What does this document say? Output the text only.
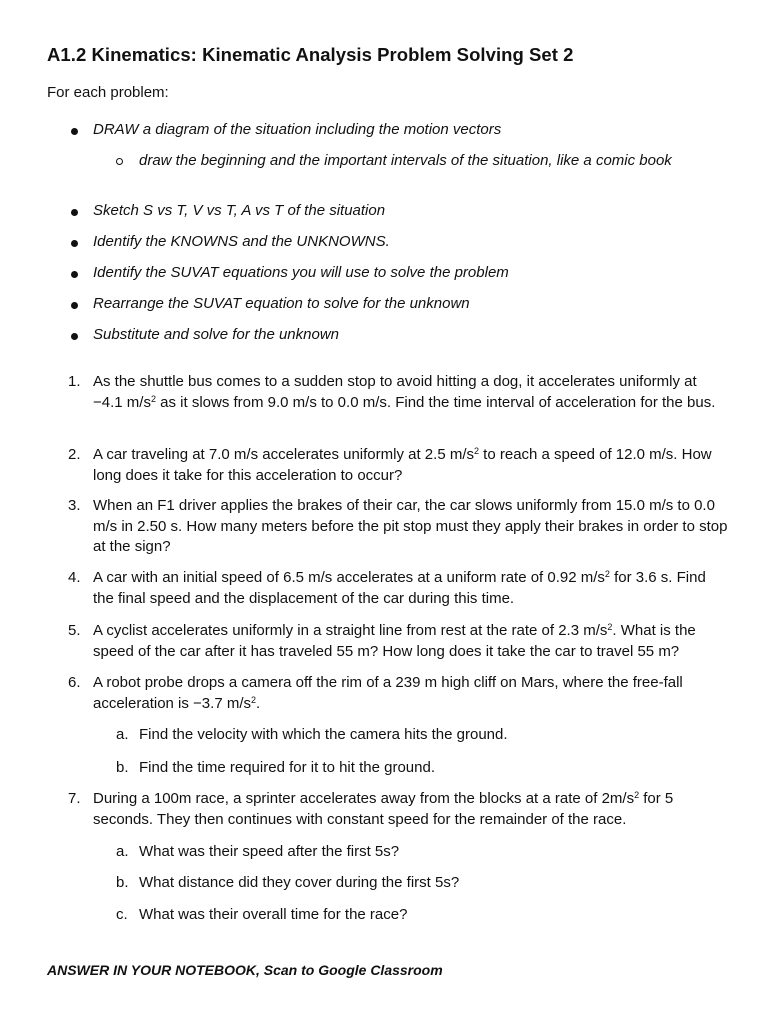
A1.2 Kinematics: Kinematic Analysis Problem Solving Set 2

For each problem:

DRAW a diagram of the situation including the motion vectors
draw the beginning and the important intervals of the situation, like a comic book
Sketch S vs T, V vs T, A vs T of the situation
Identify the KNOWNS and the UNKNOWNS.
Identify the SUVAT equations you will use to solve the problem
Rearrange the SUVAT equation to solve for the unknown
Substitute and solve for the unknown
1. As the shuttle bus comes to a sudden stop to avoid hitting a dog, it accelerates uniformly at −4.1 $m/s^2$ as it slows from 9.0 m/s to 0.0 m/s. Find the time interval of acceleration for the bus.
2. A car traveling at 7.0 m/s accelerates uniformly at 2.5 $m/s^2$ to reach a speed of 12.0 m/s. How long does it take for this acceleration to occur?
3. When an F1 driver applies the brakes of their car, the car slows uniformly from 15.0 m/s to 0.0 m/s in 2.50 s. How many meters before the pit stop must they apply their brakes in order to stop at the sign?
4. A car with an initial speed of 6.5 m/s accelerates at a uniform rate of 0.92 $m/s^2$ for 3.6 s. Find the final speed and the displacement of the car during this time.
5. A cyclist accelerates uniformly in a straight line from rest at the rate of 2.3 $m/s^2$. What is the speed of the car after it has traveled 55 m? How long does it take the car to travel 55 m?
6. A robot probe drops a camera off the rim of a 239 m high cliff on Mars, where the free-fall acceleration is −3.7 $m/s^2$.
a. Find the velocity with which the camera hits the ground.
b. Find the time required for it to hit the ground.
7. During a 100m race, a sprinter accelerates away from the blocks at a rate of $2m/s^2$ for 5 seconds. They then continues with constant speed for the remainder of the race.
a. What was their speed after the first 5s?
b. What distance did they cover during the first 5s?
c. What was their overall time for the race?

ANSWER IN YOUR NOTEBOOK, Scan to Google Classroom
